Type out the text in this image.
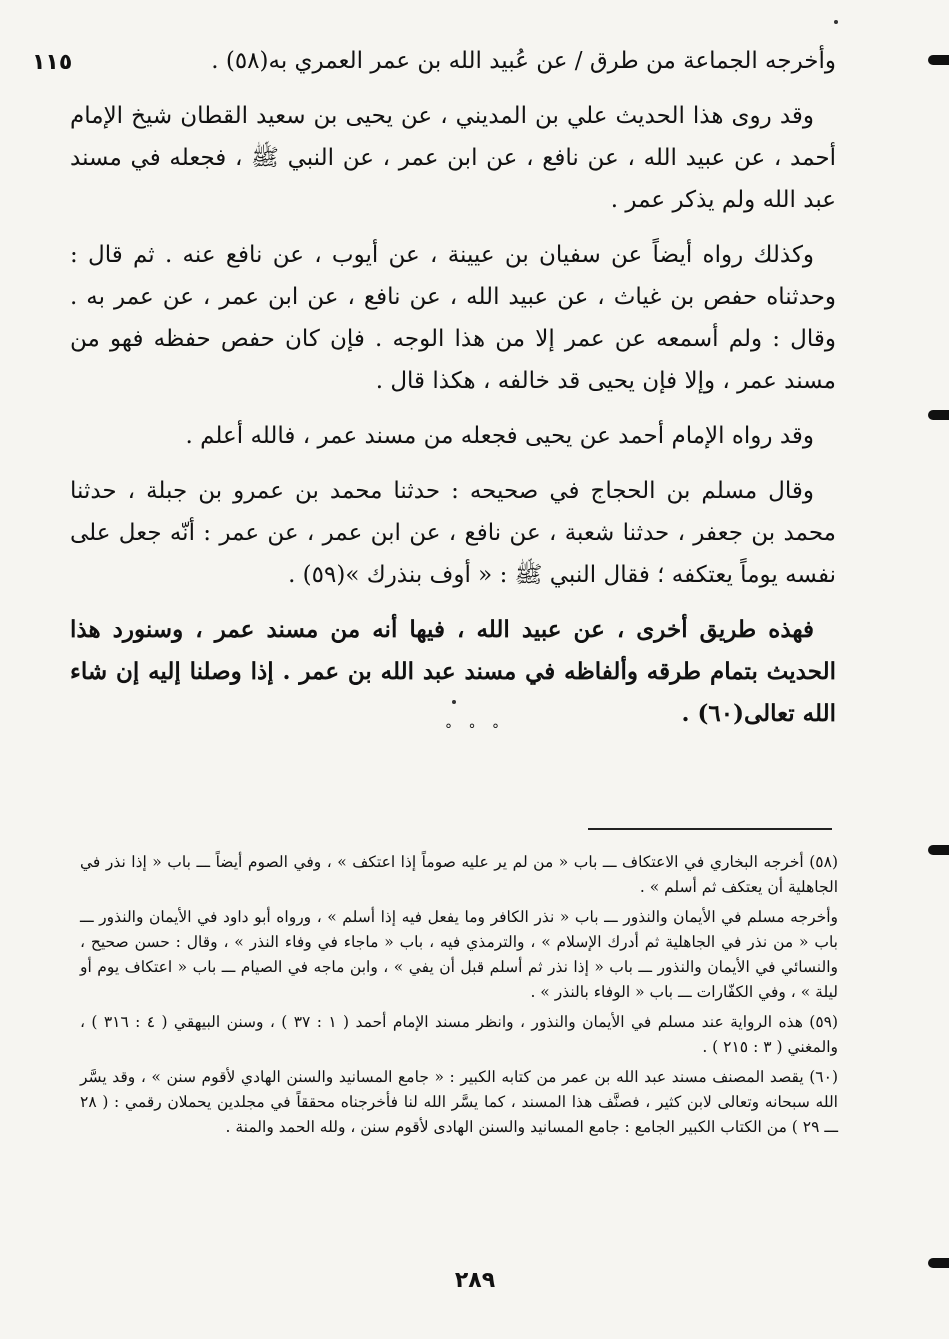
١١٥	وأخرجه الجماعة من طرق / عن عُبيد الله بن عمر العمري به(٥٨) .

وقد روى هذا الحديث علي بن المديني ، عن يحيى بن سعيد القطان شيخ الإمام أحمد ، عن عبيد الله ، عن نافع ، عن ابن عمر ، عن النبي ﷺ ، فجعله في مسند عبد الله ولم يذكر عمر .

وكذلك رواه أيضاً عن سفيان بن عيينة ، عن أيوب ، عن نافع عنه . ثم قال : وحدثناه حفص بن غياث ، عن عبيد الله ، عن نافع ، عن ابن عمر ، عن عمر به . وقال : ولم أسمعه عن عمر إلا من هذا الوجه . فإن كان حفص حفظه فهو من مسند عمر ، وإلا فإن يحيى قد خالفه ، هكذا قال .

وقد رواه الإمام أحمد عن يحيى فجعله من مسند عمر ، فالله أعلم .

وقال مسلم بن الحجاج في صحيحه : حدثنا محمد بن عمرو بن جبلة ، حدثنا محمد بن جعفر ، حدثنا شعبة ، عن نافع ، عن ابن عمر ، عن عمر : أنّه جعل على نفسه يوماً يعتكفه ؛ فقال النبي ﷺ : « أوف بنذرك »(٥٩) .

فهذه طريق أخرى ، عن عبيد الله ، فيها أنه من مسند عمر ، وسنورد هذا الحديث بتمام طرقه وألفاظه في مسند عبد الله بن عمر . إذا وصلنا إليه إن شاء الله تعالى(٦٠) .

° ° °

(٥٨) أخرجه البخاري في الاعتكاف ـــ باب « من لم ير عليه صوماً إذا اعتكف » ، وفي الصوم أيضاً ـــ باب « إذا نذر في الجاهلية أن يعتكف ثم أسلم » .

وأخرجه مسلم في الأيمان والنذور ـــ باب « نذر الكافر وما يفعل فيه إذا أسلم » ، ورواه أبو داود في الأيمان والنذور ـــ باب « من نذر في الجاهلية ثم أدرك الإسلام » ، والترمذي فيه ، باب « ماجاء في وفاء النذر » ، وقال : حسن صحيح ، والنسائي في الأيمان والنذور ـــ باب « إذا نذر ثم أسلم قبل أن يفي » ، وابن ماجه في الصيام ـــ باب « اعتكاف يوم أو ليلة » ، وفي الكفّارات ـــ باب « الوفاء بالنذر » .

(٥٩) هذه الرواية عند مسلم في الأيمان والنذور ، وانظر مسند الإمام أحمد ( ١ : ٣٧ ) ، وسنن البيهقي ( ٤ : ٣١٦ ) ، والمغني ( ٣ : ٢١٥ ) .

(٦٠) يقصد المصنف مسند عبد الله بن عمر من كتابه الكبير : « جامع المسانيد والسنن الهادي لأقوم سنن » ، وقد يسَّر الله سبحانه وتعالى لابن كثير ، فصنَّف هذا المسند ، كما يسَّر الله لنا فأخرجناه محققاً في مجلدين يحملان رقمي : ( ٢٨ ـــ ٢٩ ) من الكتاب الكبير الجامع : جامع المسانيد والسنن الهادى لأقوم سنن ، ولله الحمد والمنة .

٢٨٩
